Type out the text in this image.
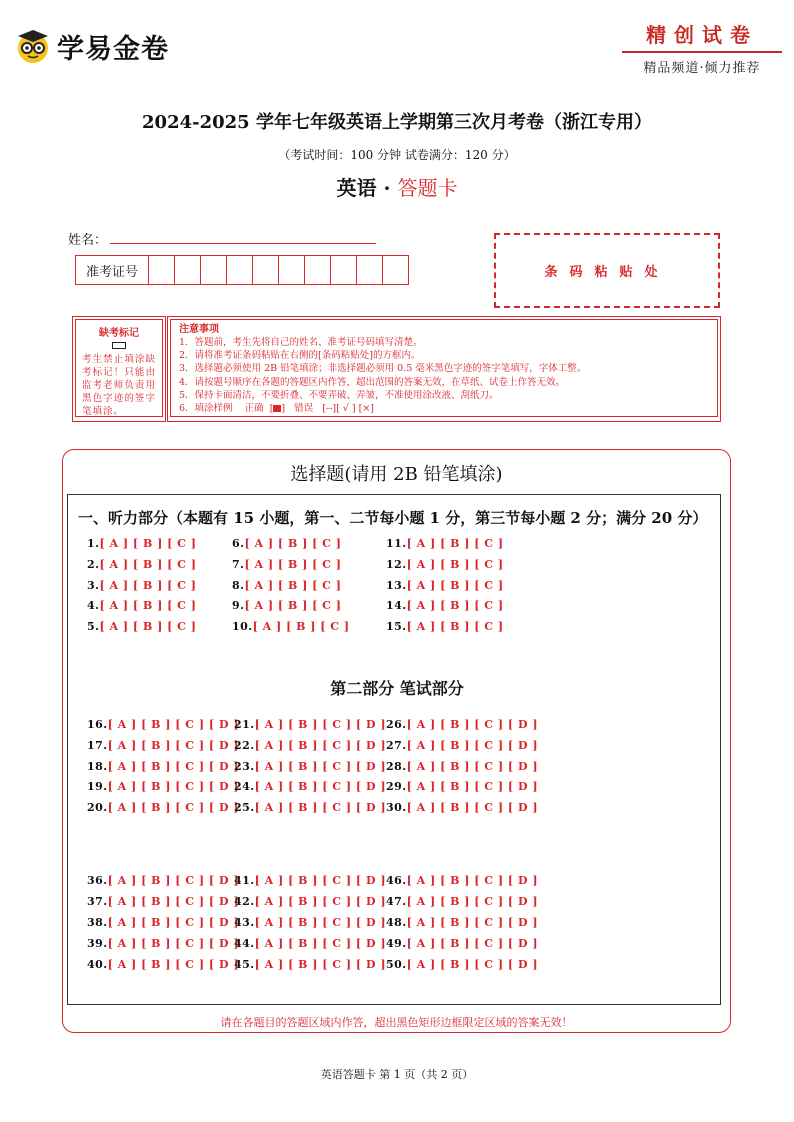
学易金卷	精创试卷
精品频道·倾力推荐
2024-2025 学年七年级英语上学期第三次月考卷（浙江专用）
（考试时间：100 分钟 试卷满分：120 分）
英语 · 答题卡
姓名：
准考证号											条码粘贴处
缺考标记
考生禁止填涂缺考标记！只能由监考老师负责用黑色字迹的签字笔填涂。
注意事项
1．答题前，考生先将自己的姓名、准考证号码填写清楚。
2．请将准考证条码粘贴在右侧的[条码粘贴处]的方框内。
3．选择题必须使用 2B 铅笔填涂；非选择题必须用 0.5 毫米黑色字迹的签字笔填写，字体工整。
4．请按题号顺序在各题的答题区内作答，超出范围的答案无效，在草纸、试卷上作答无效。
5．保持卡面清洁，不要折叠、不要弄破、弄皱，不准使用涂改液、刮纸刀。
6．填涂样例 正确  [ ]   错误 [--][ √ ] [×]
选择题(请用 2B 铅笔填涂)
一、听力部分（本题有 15 小题，第一、二节每小题 1 分，第三节每小题 2 分；满分 20 分）
第二部分 笔试部分
1.[ A ] [ B ] [ C ]
2.[ A ] [ B ] [ C ]
3.[ A ] [ B ] [ C ]
4.[ A ] [ B ] [ C ]
5.[ A ] [ B ] [ C ]
6.[ A ] [ B ] [ C ]
7.[ A ] [ B ] [ C ]
8.[ A ] [ B ] [ C ]
9.[ A ] [ B ] [ C ]
10.[ A ] [ B ] [ C ]
11.[ A ] [ B ] [ C ]
12.[ A ] [ B ] [ C ]
13.[ A ] [ B ] [ C ]
14.[ A ] [ B ] [ C ]
15.[ A ] [ B ] [ C ]
16.[ A ] [ B ] [ C ] [ D ]
17.[ A ] [ B ] [ C ] [ D ]
18.[ A ] [ B ] [ C ] [ D ]
19.[ A ] [ B ] [ C ] [ D ]
20.[ A ] [ B ] [ C ] [ D ]
21.[ A ] [ B ] [ C ] [ D ]
22.[ A ] [ B ] [ C ] [ D ]
23.[ A ] [ B ] [ C ] [ D ]
24.[ A ] [ B ] [ C ] [ D ]
25.[ A ] [ B ] [ C ] [ D ]
26.[ A ] [ B ] [ C ] [ D ]
27.[ A ] [ B ] [ C ] [ D ]
28.[ A ] [ B ] [ C ] [ D ]
29.[ A ] [ B ] [ C ] [ D ]
30.[ A ] [ B ] [ C ] [ D ]
36.[ A ] [ B ] [ C ] [ D ]
37.[ A ] [ B ] [ C ] [ D ]
38.[ A ] [ B ] [ C ] [ D ]
39.[ A ] [ B ] [ C ] [ D ]
40.[ A ] [ B ] [ C ] [ D ]
41.[ A ] [ B ] [ C ] [ D ]
42.[ A ] [ B ] [ C ] [ D ]
43.[ A ] [ B ] [ C ] [ D ]
44.[ A ] [ B ] [ C ] [ D ]
45.[ A ] [ B ] [ C ] [ D ]
46.[ A ] [ B ] [ C ] [ D ]
47.[ A ] [ B ] [ C ] [ D ]
48.[ A ] [ B ] [ C ] [ D ]
49.[ A ] [ B ] [ C ] [ D ]
50.[ A ] [ B ] [ C ] [ D ]
请在各题目的答题区域内作答，超出黑色矩形边框限定区域的答案无效！
英语答题卡 第 1 页（共 2 页）
